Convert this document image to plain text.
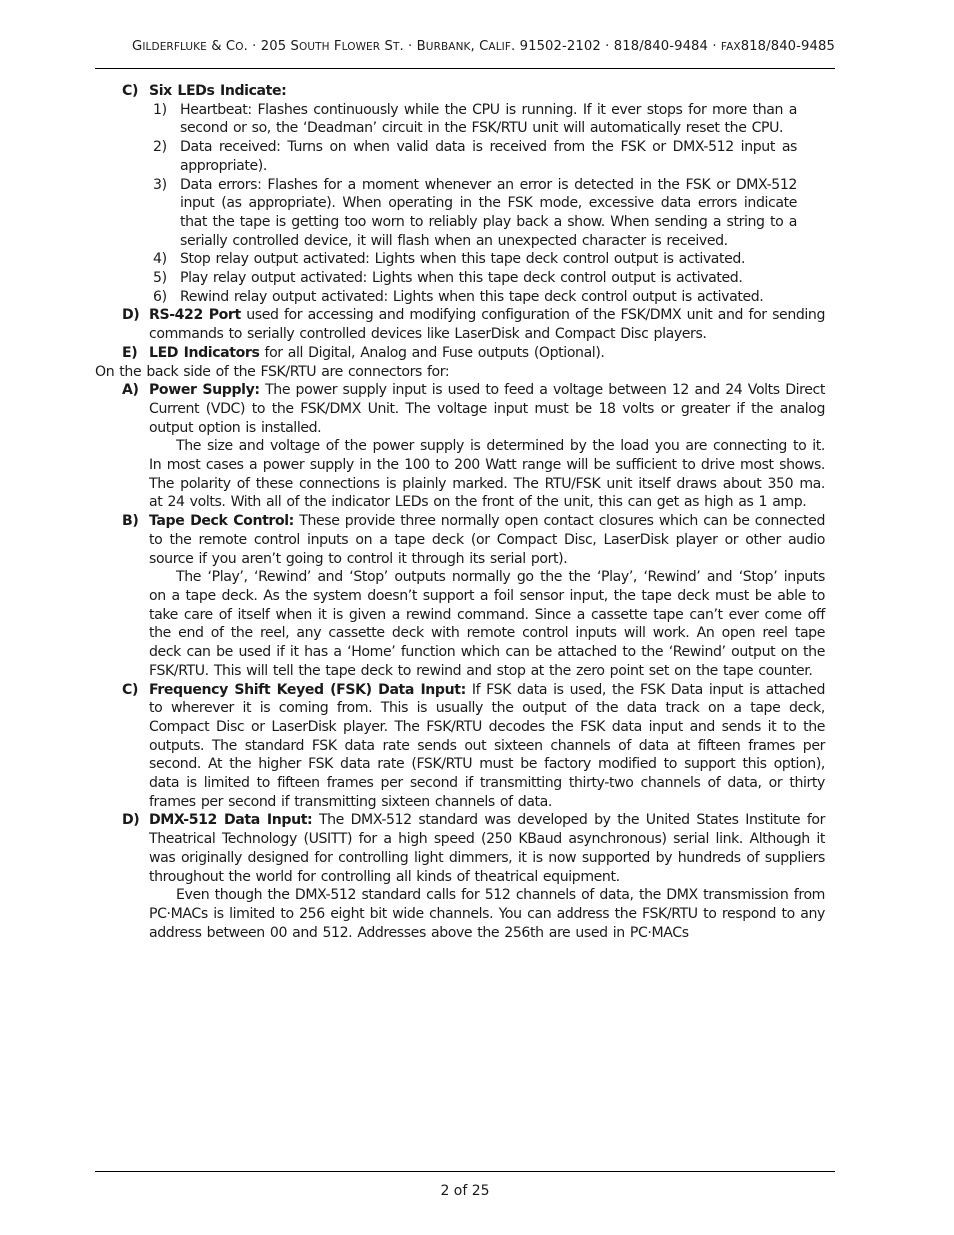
GILDERFLUKE & CO. · 205 SOUTH FLOWER ST. · BURBANK, CALIF. 91502-2102 · 818/840-9484 · FAX818/840-9485

C) Six LEDs Indicate:

1) Heartbeat: Flashes continuously while the CPU is running. If it ever stops for more than a second or so, the ‘Deadman’ circuit in the FSK/RTU unit will automatically reset the CPU.

2) Data received: Turns on when valid data is received from the FSK or DMX-512 input as appropriate).

3) Data errors: Flashes for a moment whenever an error is detected in the FSK or DMX-512 input (as appropriate). When operating in the FSK mode, excessive data errors indicate that the tape is getting too worn to reliably play back a show. When sending a string to a serially controlled device, it will flash when an unexpected character is received.

4) Stop relay output activated: Lights when this tape deck control output is activated.

5) Play relay output activated: Lights when this tape deck control output is activated.

6) Rewind relay output activated: Lights when this tape deck control output is activated.

D) RS-422 Port used for accessing and modifying configuration of the FSK/DMX unit and for sending commands to serially controlled devices like LaserDisk and Compact Disc players.

E) LED Indicators for all Digital, Analog and Fuse outputs (Optional).

On the back side of the FSK/RTU are connectors for:

A) Power Supply: The power supply input is used to feed a voltage between 12 and 24 Volts Direct Current (VDC) to the FSK/DMX Unit. The voltage input must be 18 volts or greater if the analog output option is installed.

The size and voltage of the power supply is determined by the load you are connecting to it. In most cases a power supply in the 100 to 200 Watt range will be sufficient to drive most shows. The polarity of these connections is plainly marked. The RTU/FSK unit itself draws about 350 ma. at 24 volts. With all of the indicator LEDs on the front of the unit, this can get as high as 1 amp.

B) Tape Deck Control: These provide three normally open contact closures which can be connected to the remote control inputs on a tape deck (or Compact Disc, LaserDisk player or other audio source if you aren’t going to control it through its serial port).

The ‘Play’, ‘Rewind’ and ‘Stop’ outputs normally go the the ‘Play’, ‘Rewind’ and ‘Stop’ inputs on a tape deck. As the system doesn’t support a foil sensor input, the tape deck must be able to take care of itself when it is given a rewind command. Since a cassette tape can’t ever come off the end of the reel, any cassette deck with remote control inputs will work. An open reel tape deck can be used if it has a ‘Home’ function which can be attached to the ‘Rewind’ output on the FSK/RTU. This will tell the tape deck to rewind and stop at the zero point set on the tape counter.

C) Frequency Shift Keyed (FSK) Data Input: If FSK data is used, the FSK Data input is attached to wherever it is coming from. This is usually the output of the data track on a tape deck, Compact Disc or LaserDisk player. The FSK/RTU decodes the FSK data input and sends it to the outputs. The standard FSK data rate sends out sixteen channels of data at fifteen frames per second. At the higher FSK data rate (FSK/RTU must be factory modified to support this option), data is limited to fifteen frames per second if transmitting thirty-two channels of data, or thirty frames per second if transmitting sixteen channels of data.

D) DMX-512 Data Input: The DMX-512 standard was developed by the United States Institute for Theatrical Technology (USITT) for a high speed (250 KBaud asynchronous) serial link. Although it was originally designed for controlling light dimmers, it is now supported by hundreds of suppliers throughout the world for controlling all kinds of theatrical equipment.

Even though the DMX-512 standard calls for 512 channels of data, the DMX transmission from PC·MACs is limited to 256 eight bit wide channels. You can address the FSK/RTU to respond to any address between 00 and 512. Addresses above the 256th are used in PC·MACs

2 of 25
